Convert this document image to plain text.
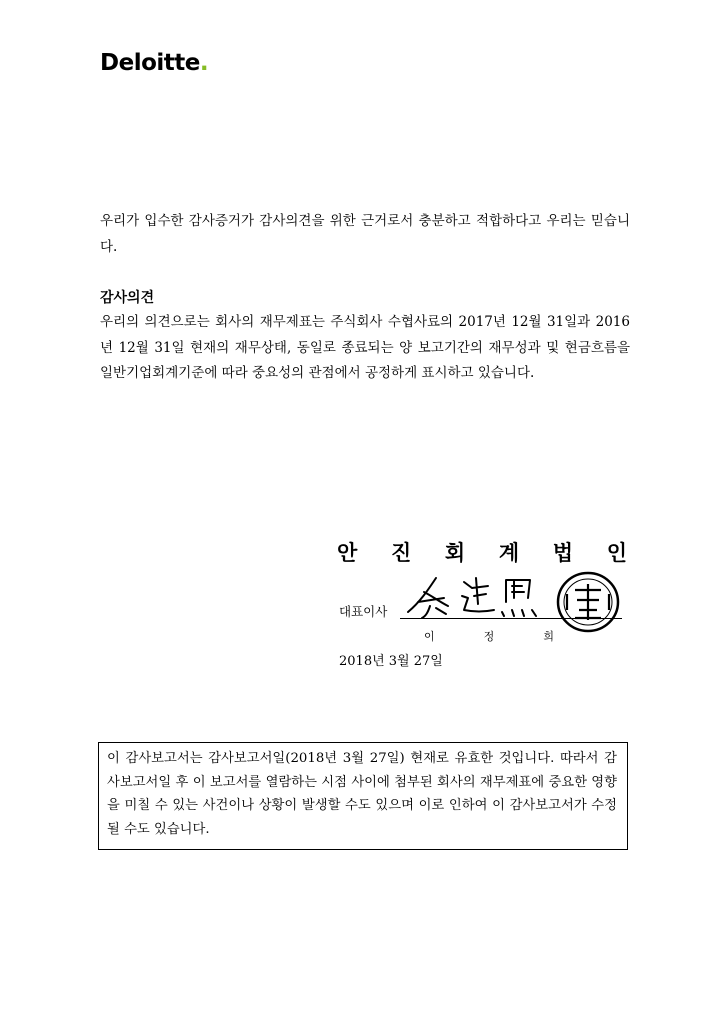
Deloitte.

우리가 입수한 감사증거가 감사의견을 위한 근거로서 충분하고 적합하다고 우리는 믿습니다.

감사의견

우리의 의견으로는 회사의 재무제표는 주식회사 수협사료의 2017년 12월 31일과 2016년 12월 31일 현재의 재무상태, 동일로 종료되는 양 보고기간의 재무성과 및 현금흐름을 일반기업회계기준에 따라 중요성의 관점에서 공정하게 표시하고 있습니다.

안 진 회 계 법 인
대표이사
이	정	희
2018년 3월 27일

이 감사보고서는 감사보고서일(2018년 3월 27일) 현재로 유효한 것입니다. 따라서 감사보고서일 후 이 보고서를 열람하는 시점 사이에 첨부된 회사의 재무제표에 중요한 영향을 미칠 수 있는 사건이나 상황이 발생할 수도 있으며 이로 인하여 이 감사보고서가 수정될 수도 있습니다.
